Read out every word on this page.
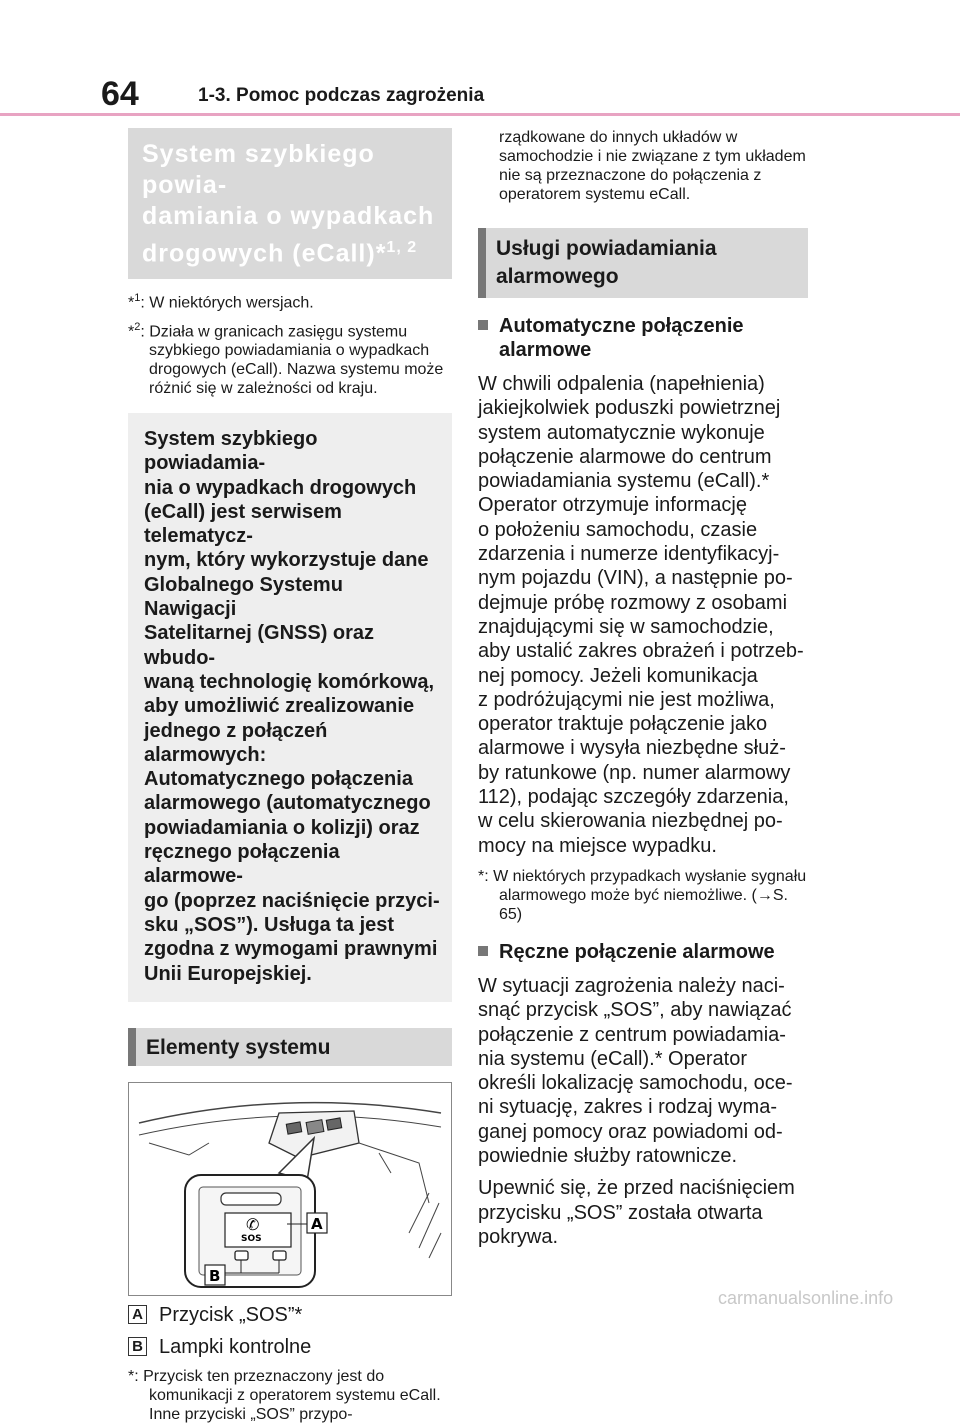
64	1-3. Pomoc podczas zagrożenia
System szybkiego powia-
damiania o wypadkach
drogowych (eCall)*$^{1, 2}$

*$^1$: W niektórych wersjach.

*$^2$: Działa w granicach zasięgu systemu szybkiego powiadamiania o wypadkach drogowych (eCall). Nazwa systemu może różnić się w zależności od kraju.

System szybkiego powiadamia-
nia o wypadkach drogowych
(eCall) jest serwisem telematycz-
nym, który wykorzystuje dane
Globalnego Systemu Nawigacji
Satelitarnej (GNSS) oraz wbudo-
waną technologię komórkową,
aby umożliwić zrealizowanie
jednego z połączeń alarmowych:
Automatycznego połączenia
alarmowego (automatycznego
powiadamiania o kolizji) oraz
ręcznego połączenia alarmowe-
go (poprzez naciśnięcie przyci-
sku „SOS”). Usługa ta jest
zgodna z wymogami prawnymi
Unii Europejskiej.
Elementy systemu
SOS
✆	A
B
A Przycisk „SOS”*
B Lampki kontrolne

*: Przycisk ten przeznaczony jest do komunikacji z operatorem systemu eCall. Inne przyciski „SOS” przypo-

rządkowane do innych układów w samochodzie i nie związane z tym układem nie są przeznaczone do połączenia z operatorem systemu eCall.

Usługi powiadamiania
alarmowego
Automatyczne połączenie alarmowe
W chwili odpalenia (napełnienia)
jakiejkolwiek poduszki powietrznej
system automatycznie wykonuje
połączenie alarmowe do centrum
powiadamiania systemu (eCall).*
Operator otrzymuje informację
o położeniu samochodu, czasie
zdarzenia i numerze identyfikacyj-
nym pojazdu (VIN), a następnie po-
dejmuje próbę rozmowy z osobami
znajdującymi się w samochodzie,
aby ustalić zakres obrażeń i potrzeb-
nej pomocy. Jeżeli komunikacja
z podróżującymi nie jest możliwa,
operator traktuje połączenie jako
alarmowe i wysyła niezbędne służ-
by ratunkowe (np. numer alarmowy
112), podając szczegóły zdarzenia,
w celu skierowania niezbędnej po-
mocy na miejsce wypadku.

*: W niektórych przypadkach wysłanie sygnału alarmowego może być niemożliwe. (→S. 65)

Ręczne połączenie alarmowe
W sytuacji zagrożenia należy naci-
snąć przycisk „SOS”, aby nawiązać
połączenie z centrum powiadamia-
nia systemu (eCall).* Operator
określi lokalizację samochodu, oce-
ni sytuację, zakres i rodzaj wyma-
ganej pomocy oraz powiadomi od-
powiednie służby ratownicze.
Upewnić się, że przed naciśnięciem
przycisku „SOS” została otwarta
pokrywa.
carmanualsonline.info
